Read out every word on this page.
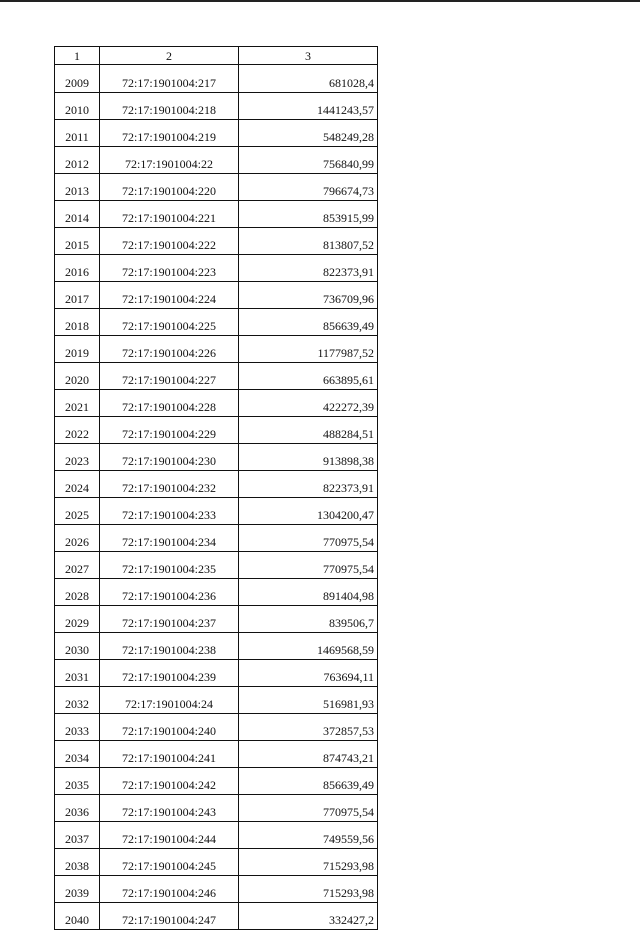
1	2	3
2009	72:17:1901004:217	681028,4
2010	72:17:1901004:218	1441243,57
2011	72:17:1901004:219	548249,28
2012	72:17:1901004:22	756840,99
2013	72:17:1901004:220	796674,73
2014	72:17:1901004:221	853915,99
2015	72:17:1901004:222	813807,52
2016	72:17:1901004:223	822373,91
2017	72:17:1901004:224	736709,96
2018	72:17:1901004:225	856639,49
2019	72:17:1901004:226	1177987,52
2020	72:17:1901004:227	663895,61
2021	72:17:1901004:228	422272,39
2022	72:17:1901004:229	488284,51
2023	72:17:1901004:230	913898,38
2024	72:17:1901004:232	822373,91
2025	72:17:1901004:233	1304200,47
2026	72:17:1901004:234	770975,54
2027	72:17:1901004:235	770975,54
2028	72:17:1901004:236	891404,98
2029	72:17:1901004:237	839506,7
2030	72:17:1901004:238	1469568,59
2031	72:17:1901004:239	763694,11
2032	72:17:1901004:24	516981,93
2033	72:17:1901004:240	372857,53
2034	72:17:1901004:241	874743,21
2035	72:17:1901004:242	856639,49
2036	72:17:1901004:243	770975,54
2037	72:17:1901004:244	749559,56
2038	72:17:1901004:245	715293,98
2039	72:17:1901004:246	715293,98
2040	72:17:1901004:247	332427,2
